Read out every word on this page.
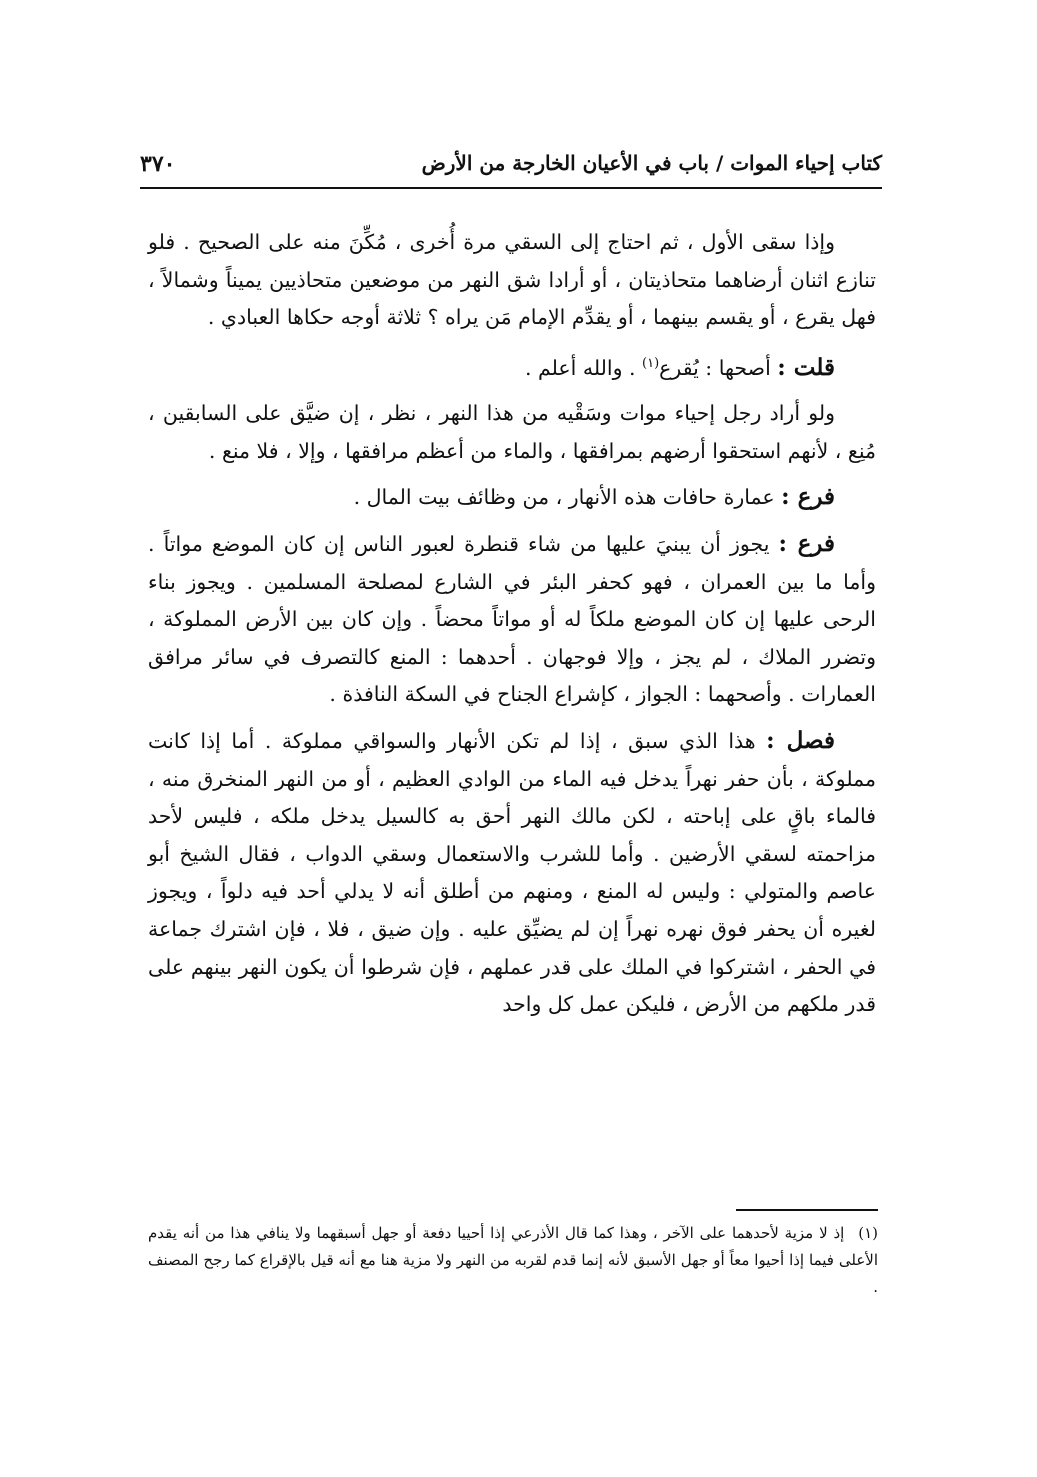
كتاب إحياء الموات / باب في الأعيان الخارجة من الأرض
٣٧٠

وإذا سقى الأول ، ثم احتاج إلى السقي مرة أُخرى ، مُكِّنَ منه على الصحيح . فلو تنازع اثنان أرضاهما متحاذيتان ، أو أرادا شق النهر من موضعين متحاذيين يميناً وشمالاً ، فهل يقرع ، أو يقسم بينهما ، أو يقدِّم الإمام مَن يراه ؟ ثلاثة أوجه حكاها العبادي .

قلت : أصحها : يُقرع$^{(١)}$ . والله أعلم .

ولو أراد رجل إحياء موات وسَقْيه من هذا النهر ، نظر ، إن ضيَّق على السابقين ، مُنِع ، لأنهم استحقوا أرضهم بمرافقها ، والماء من أعظم مرافقها ، وإلا ، فلا منع .

فرع : عمارة حافات هذه الأنهار ، من وظائف بيت المال .

فرع : يجوز أن يبنيَ عليها من شاء قنطرة لعبور الناس إن كان الموضع مواتاً . وأما ما بين العمران ، فهو كحفر البئر في الشارع لمصلحة المسلمين . ويجوز بناء الرحى عليها إن كان الموضع ملكاً له أو مواتاً محضاً . وإن كان بين الأرض المملوكة ، وتضرر الملاك ، لم يجز ، وإلا فوجهان . أحدهما : المنع كالتصرف في سائر مرافق العمارات . وأصحهما : الجواز ، كإشراع الجناح في السكة النافذة .

فصل : هذا الذي سبق ، إذا لم تكن الأنهار والسواقي مملوكة . أما إذا كانت مملوكة ، بأن حفر نهراً يدخل فيه الماء من الوادي العظيم ، أو من النهر المنخرق منه ، فالماء باقٍ على إباحته ، لكن مالك النهر أحق به كالسيل يدخل ملكه ، فليس لأحد مزاحمته لسقي الأرضين . وأما للشرب والاستعمال وسقي الدواب ، فقال الشيخ أبو عاصم والمتولي : وليس له المنع ، ومنهم من أطلق أنه لا يدلي أحد فيه دلواً ، ويجوز لغيره أن يحفر فوق نهره نهراً إن لم يضيِّق عليه . وإن ضيق ، فلا ، فإن اشترك جماعة في الحفر ، اشتركوا في الملك على قدر عملهم ، فإن شرطوا أن يكون النهر بينهم على قدر ملكهم من الأرض ، فليكن عمل كل واحد

(١) إذ لا مزية لأحدهما على الآخر ، وهذا كما قال الأذرعي إذا أحييا دفعة أو جهل أسبقهما ولا ينافي هذا من أنه يقدم الأعلى فيما إذا أحيوا معاً أو جهل الأسبق لأنه إنما قدم لقربه من النهر ولا مزية هنا مع أنه قيل بالإقراع كما رجح المصنف .
